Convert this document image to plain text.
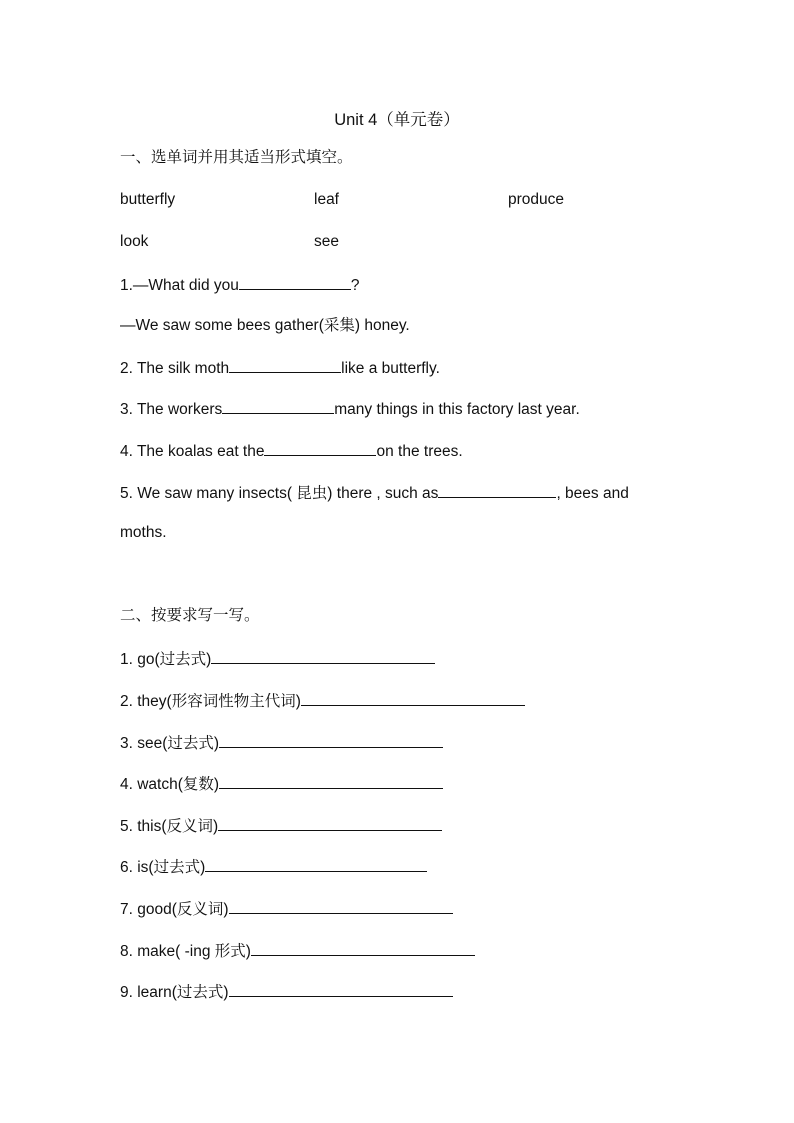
Unit 4（单元卷）
一、选单词并用其适当形式填空。
butterfly	leaf	produce
look	see
1.—What did you	?
—We saw some bees gather(采集) honey.
2. The silk moth	like a butterfly.
3. The workers	many things in this factory last year.
4. The koalas eat the	on the trees.
5. We saw many insects( 昆虫) there , such as	, bees and
moths.
二、按要求写一写。
1. go(过去式)
2. they(形容词性物主代词)
3. see(过去式)
4. watch(复数)
5. this(反义词)
6. is(过去式)
7. good(反义词)
8. make( -ing 形式)
9. learn(过去式)
